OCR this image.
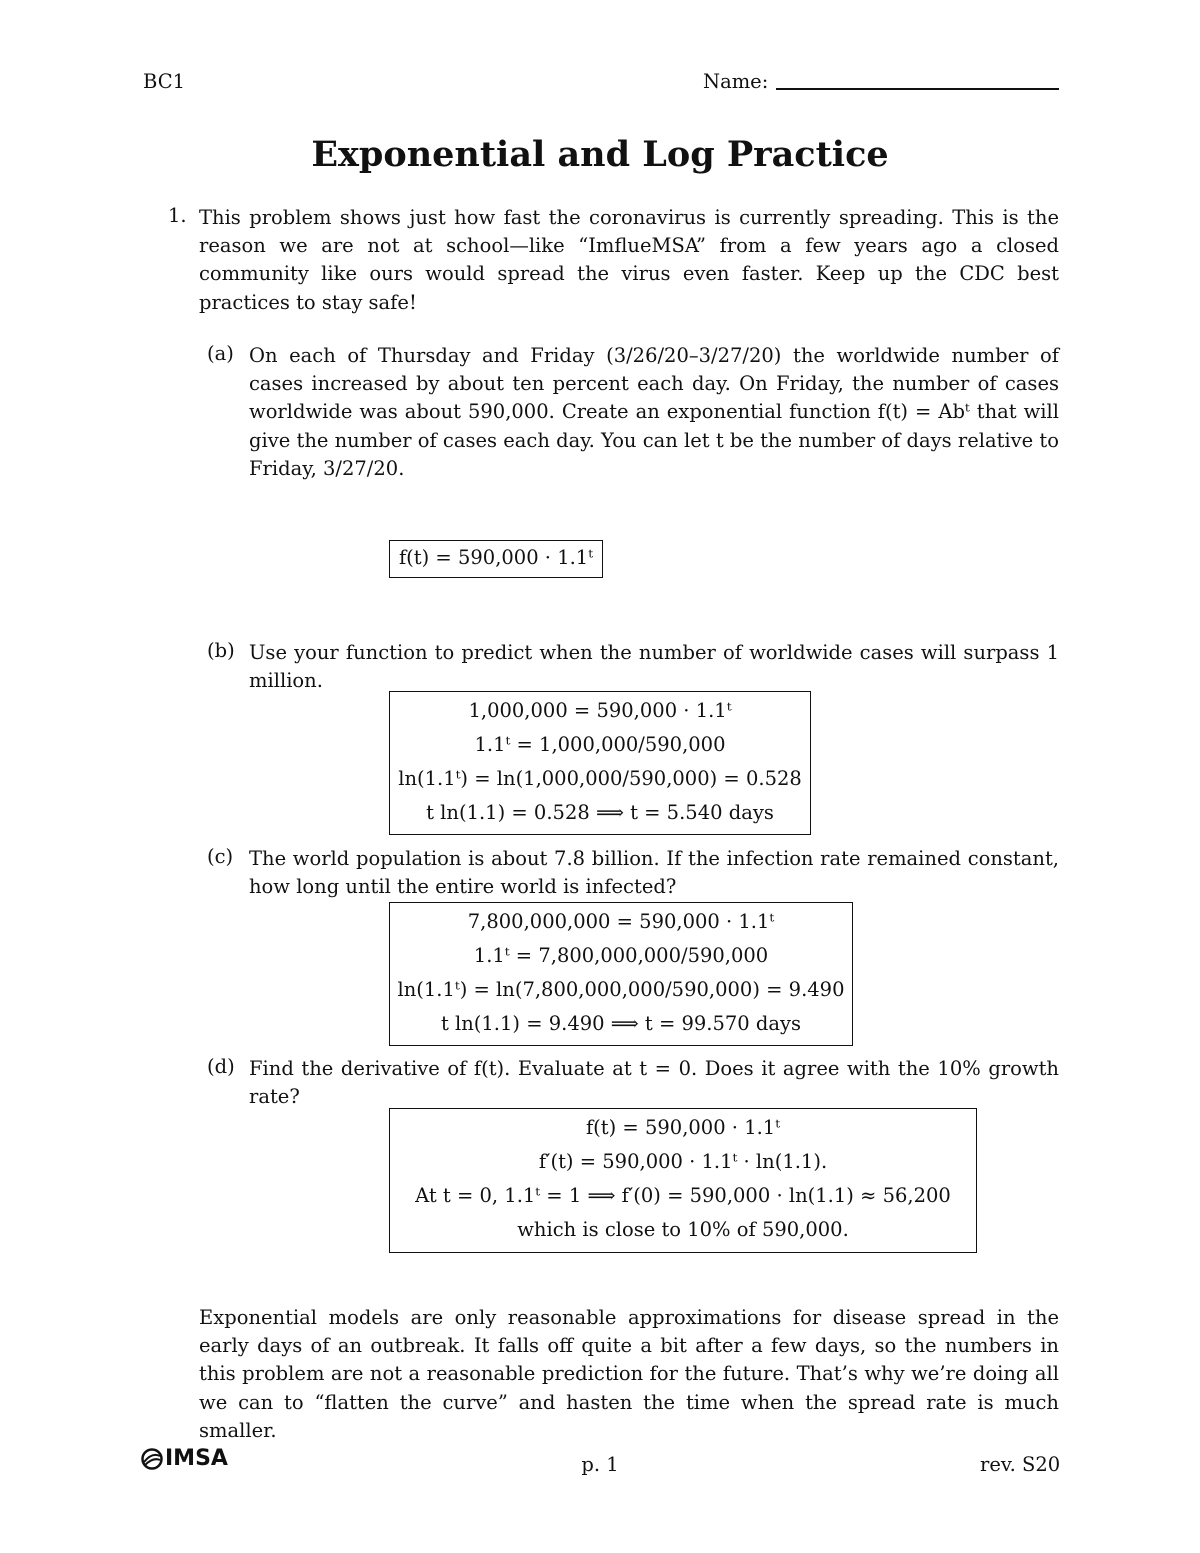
BC1	Name:
Exponential and Log Practice
1. This problem shows just how fast the coronavirus is currently spreading. This is the reason we are not at school—like “ImflueMSA” from a few years ago a closed community like ours would spread the virus even faster. Keep up the CDC best practices to stay safe!

(a) On each of Thursday and Friday (3/26/20–3/27/20) the worldwide number of cases increased by about ten percent each day. On Friday, the number of cases worldwide was about 590,000. Create an exponential function f(t) = Abᵗ that will give the number of cases each day. You can let t be the number of days relative to Friday, 3/27/20.

f(t) = 590,000 · 1.1ᵗ
(b) Use your function to predict when the number of worldwide cases will surpass 1 million.

1,000,000 = 590,000 · 1.1ᵗ
1.1ᵗ = 1,000,000/590,000
ln(1.1ᵗ) = ln(1,000,000/590,000) = 0.528
t ln(1.1) = 0.528 ⟹ t = 5.540 days
(c) The world population is about 7.8 billion. If the infection rate remained constant, how long until the entire world is infected?

7,800,000,000 = 590,000 · 1.1ᵗ
1.1ᵗ = 7,800,000,000/590,000
ln(1.1ᵗ) = ln(7,800,000,000/590,000) = 9.490
t ln(1.1) = 9.490 ⟹ t = 99.570 days
(d) Find the derivative of f(t). Evaluate at t = 0. Does it agree with the 10% growth rate?

f(t) = 590,000 · 1.1ᵗ
f′(t) = 590,000 · 1.1ᵗ · ln(1.1).
At t = 0, 1.1ᵗ = 1 ⟹ f′(0) = 590,000 · ln(1.1) ≈ 56,200
which is close to 10% of 590,000.

Exponential models are only reasonable approximations for disease spread in the early days of an outbreak. It falls off quite a bit after a few days, so the numbers in this problem are not a reasonable prediction for the future. That’s why we’re doing all we can to “flatten the curve” and hasten the time when the spread rate is much smaller.

IMSA	p. 1	rev. S20
